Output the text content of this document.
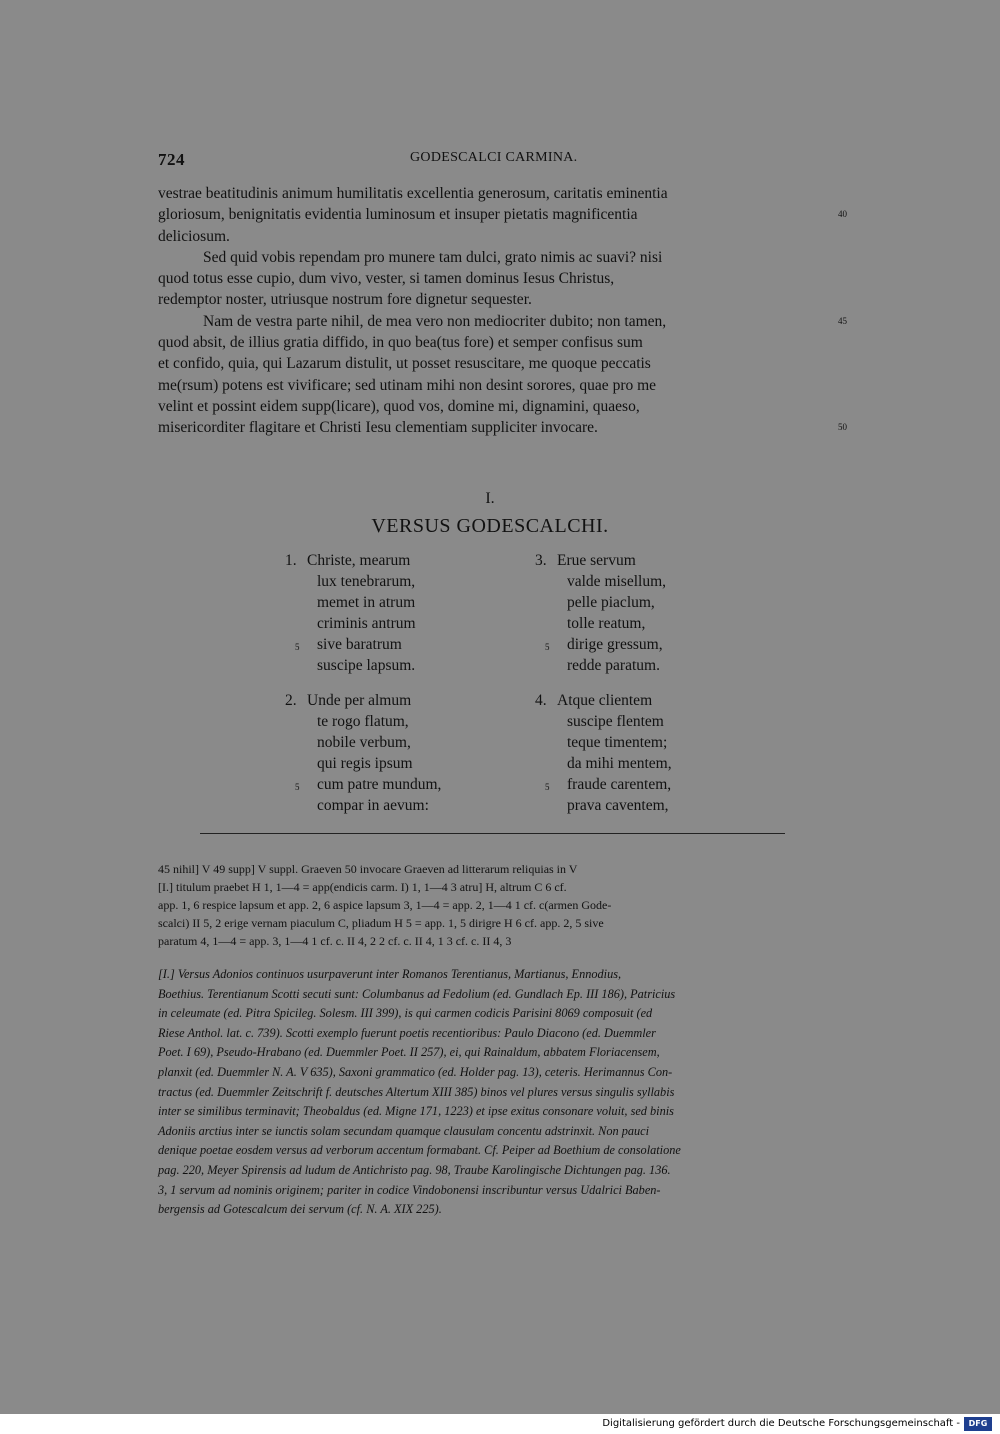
724	GODESCALCI CARMINA.
vestrae beatitudinis animum humilitatis excellentia generosum, caritatis eminentia
gloriosum, benignitatis evidentia luminosum et insuper pietatis magnificentia	40
deliciosum.
Sed quid vobis rependam pro munere tam dulci, grato nimis ac suavi? nisi
quod totus esse cupio, dum vivo, vester, si tamen dominus Iesus Christus,
redemptor noster, utriusque nostrum fore dignetur sequester.
Nam de vestra parte nihil, de mea vero non mediocriter dubito; non tamen,	45
quod absit, de illius gratia diffido, in quo bea(tus fore) et semper confisus sum
et confido, quia, qui Lazarum distulit, ut posset resuscitare, me quoque peccatis
me(rsum) potens est vivificare; sed utinam mihi non desint sorores, quae pro me
velint et possint eidem supp(licare), quod vos, domine mi, dignamini, quaeso,
misericorditer flagitare et Christi Iesu clementiam suppliciter invocare.	50
I.
VERSUS GODESCALCHI.
1. Christe, mearum
lux tenebrarum,
memet in atrum
criminis antrum
5 sive baratrum
suscipe lapsum.
3. Erue servum
valde misellum,
pelle piaclum,
tolle reatum,
5 dirige gressum,
redde paratum.
2. Unde per almum
te rogo flatum,
nobile verbum,
qui regis ipsum
5 cum patre mundum,
compar in aevum:
4. Atque clientem
suscipe flentem
teque timentem;
da mihi mentem,
5 fraude carentem,
prava caventem,
45 nihil] V 49 supp] V suppl. Graeven 50 invocare Graeven ad litterarum reliquias in V
[I.] titulum praebet H 1, 1—4 = app(endicis carm. I) 1, 1—4 3 atru] H, altrum C 6 cf.
app. 1, 6 respice lapsum et app. 2, 6 aspice lapsum 3, 1—4 = app. 2, 1—4 1 cf. c(armen Gode-
scalci) II 5, 2 erige vernam piaculum C, pliadum H 5 = app. 1, 5 dirigre H 6 cf. app. 2, 5 sive
paratum 4, 1—4 = app. 3, 1—4 1 cf. c. II 4, 2 2 cf. c. II 4, 1 3 cf. c. II 4, 3
[I.] Versus Adonios continuos usurpaverunt inter Romanos Terentianus, Martianus, Ennodius,
Boethius. Terentianum Scotti secuti sunt: Columbanus ad Fedolium (ed. Gundlach Ep. III 186), Patricius
in celeumate (ed. Pitra Spicileg. Solesm. III 399), is qui carmen codicis Parisini 8069 composuit (ed
Riese Anthol. lat. c. 739). Scotti exemplo fuerunt poetis recentioribus: Paulo Diacono (ed. Duemmler
Poet. I 69), Pseudo-Hrabano (ed. Duemmler Poet. II 257), ei, qui Rainaldum, abbatem Floriacensem,
planxit (ed. Duemmler N. A. V 635), Saxoni grammatico (ed. Holder pag. 13), ceteris. Herimannus Con-
tractus (ed. Duemmler Zeitschrift f. deutsches Altertum XIII 385) binos vel plures versus singulis syllabis
inter se similibus terminavit; Theobaldus (ed. Migne 171, 1223) et ipse exitus consonare voluit, sed binis
Adoniis arctius inter se iunctis solam secundam quamque clausulam concentu adstrinxit. Non pauci
denique poetae eosdem versus ad verborum accentum formabant. Cf. Peiper ad Boethium de consolatione
pag. 220, Meyer Spirensis ad ludum de Antichristo pag. 98, Traube Karolingische Dichtungen pag. 136.
3, 1 servum ad nominis originem; pariter in codice Vindobonensi inscribuntur versus Udalrici Baben-
bergensis ad Gotescalcum dei servum (cf. N. A. XIX 225).
Digitalisierung gefördert durch die Deutsche Forschungsgemeinschaft -	DFG
